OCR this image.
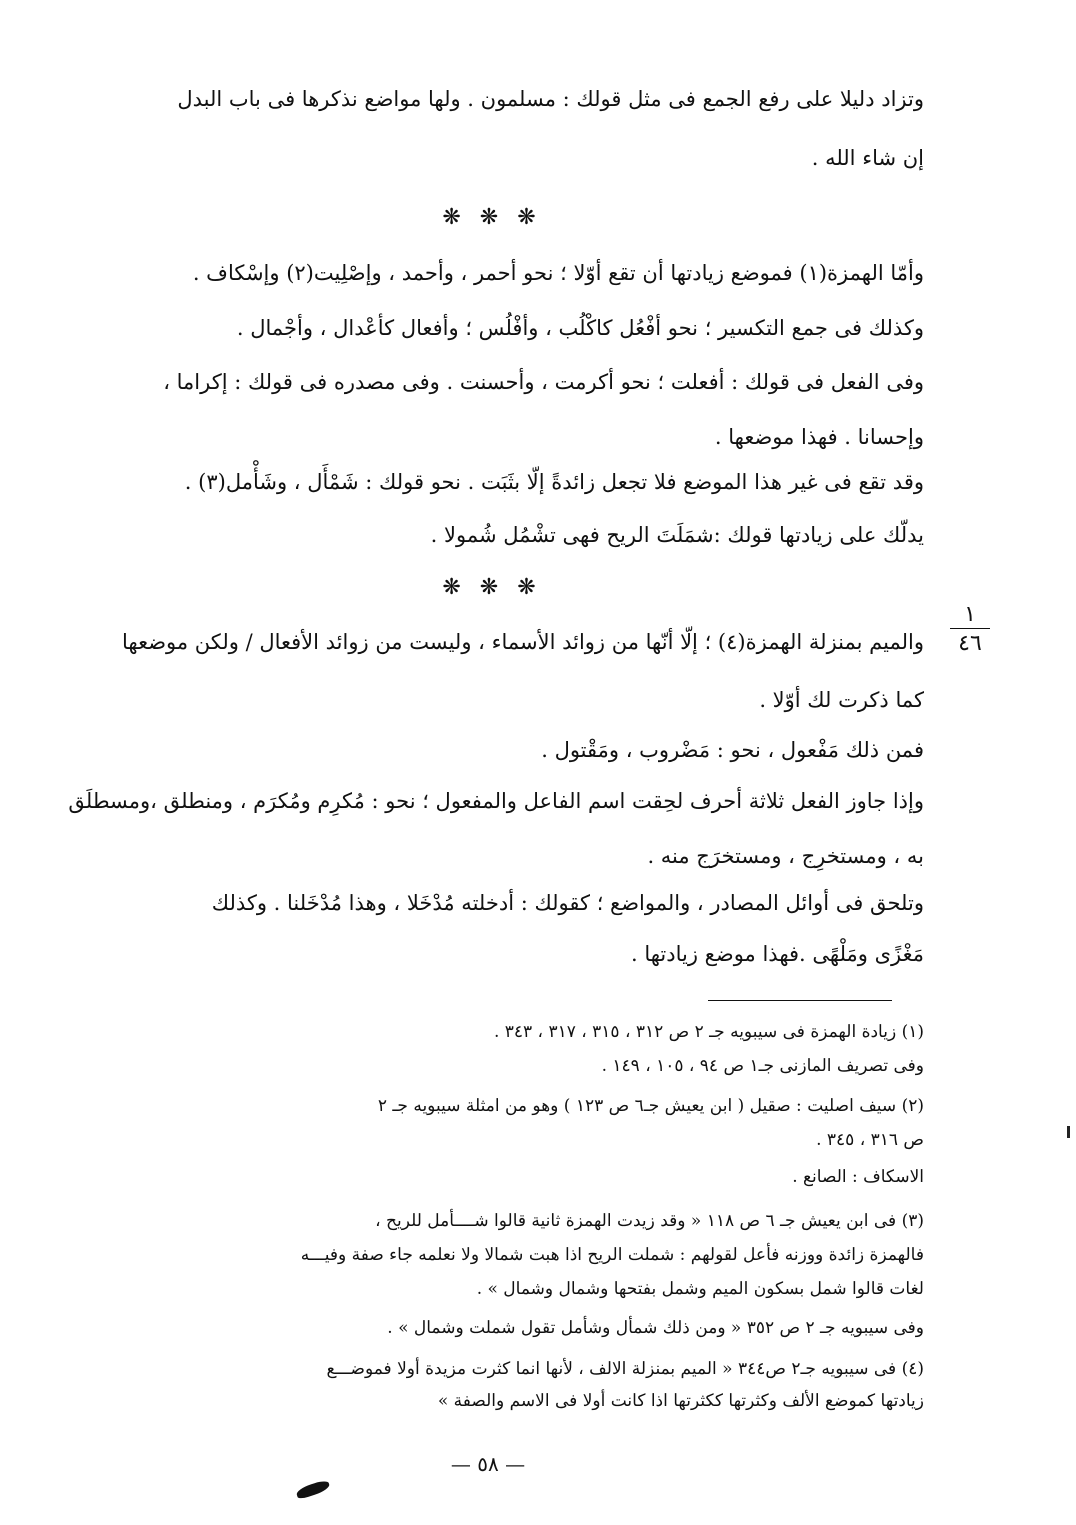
وتزاد دليلا على رفع الجمع فى مثل قولك : مسلمون . ولها مواضع نذكرها فى باب البدل
إن شاء الله .
وأمّا الهمزة(١) فموضع زيادتها أن تقع أوّلا ؛ نحو أحمر ، وأحمد ، وإصْلِيت(٢) وإسْكاف .
وكذلك فى جمع التكسير ؛ نحو أفْعُل كاكْلُب ، وأفْلُس ؛ وأفعال كأعْدال ، وأجْمال .
وفى الفعل فى قولك : أفعلت ؛ نحو أكرمت ، وأحسنت . وفى مصدره فى قولك : إكراما ،
وإحسانا . فهذا موضعها .
وقد تقع فى غير هذا الموضع فلا تجعل زائدةً إلّا بثَبَت . نحو قولك : شَمْأَل ، وشَأْمل(٣) .
يدلّك على زيادتها قولك :شمَلَتَ الريح فهى تشْمُل شُمولا .
والميم بمنزلة الهمزة(٤) ؛ إلّا أنّها من زوائد الأسماء ، وليست من زوائد الأفعال / ولكن موضعها
كما ذكرت لك أوّلا .
فمن ذلك مَفْعول ، نحو : مَضْروب ، ومَقْتول .
وإذا جاوز الفعل ثلاثة أحرف لحِقت اسم الفاعل والمفعول ؛ نحو : مُكرِم ومُكرَم ، ومنطلق ،ومسطلَق
به ، ومستخرِج ، ومستخرَج منه .
وتلحق فى أوائل المصادر ، والمواضع ؛ كقولك : أدخلته مُدْخَلا ، وهذا مُدْخَلنا . وكذلك
مَغْزًى ومَلْهًى .فهذا موضع زيادتها .
❋ ❋ ❋
❋ ❋ ❋
١
٤٦
(١) زيادة الهمزة فى سيبويه جـ ٢ ص ٣١٢ ، ٣١٥ ، ٣١٧ ، ٣٤٣ .
وفى تصريف المازنى جـ١ ص ٩٤ ، ١٠٥ ، ١٤٩ .
(٢) سيف اصليت : صقيل ( ابن يعيش جـ٦ ص ١٢٣ ) وهو من امثلة سيبويه جـ ٢
ص ٣١٦ ، ٣٤٥ .
الاسكاف : الصانع .
(٣) فى ابن يعيش جـ ٦ ص ١١٨ « وقد زيدت الهمزة ثانية قالوا شــــأمل للريح ،
فالهمزة زائدة ووزنه فأعل لقولهم : شملت الريح اذا هبت شمالا ولا نعلمه جاء صفة وفيـــه
لغات قالوا شمل بسكون الميم وشمل بفتحها وشمال وشمال » .
وفى سيبويه جـ ٢ ص ٣٥٢ « ومن ذلك شمأل وشأمل تقول شملت وشمال » .
(٤) فى سيبويه جـ٢ ص٣٤٤ « الميم بمنزلة الالف ، لأنها انما كثرت مزيدة أولا فموضـــع
زيادتها كموضع الألف وكثرتها ككثرتها اذا كانت أولا فى الاسم والصفة »
— ٥٨ —
